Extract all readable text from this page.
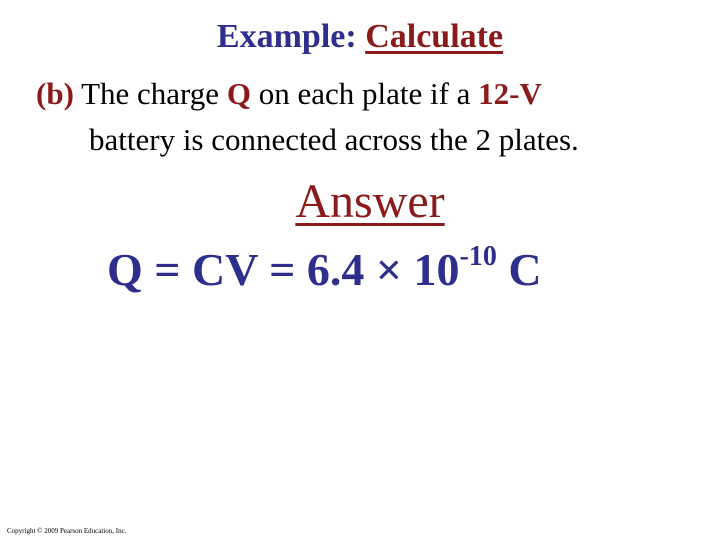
Example: Calculate
(b) The charge Q on each plate if a 12-V
battery is connected across the 2 plates.
Answer
Q = CV = $6.4 \times 10^{-10}$ C
Copyright © 2009 Pearson Education, Inc.
